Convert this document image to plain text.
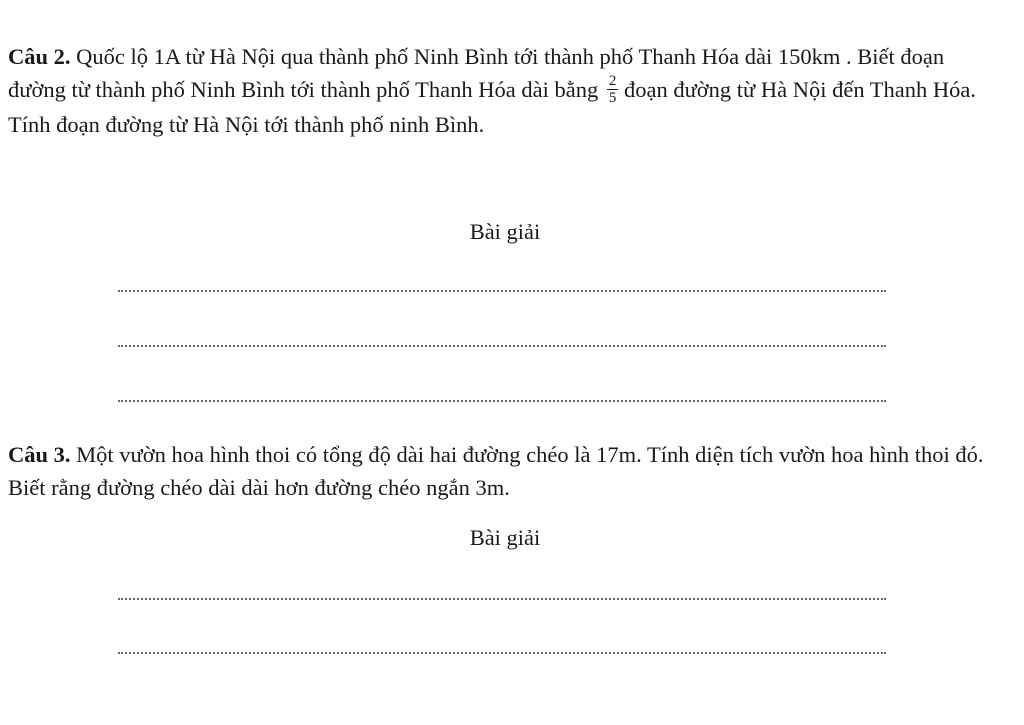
Câu 2. Quốc lộ 1A từ Hà Nội qua thành phố Ninh Bình tới thành phố Thanh Hóa dài 150km . Biết đoạn đường từ thành phố Ninh Bình tới thành phố Thanh Hóa dài bằng $\frac{2}{5}$ đoạn đường từ Hà Nội đến Thanh Hóa. Tính đoạn đường từ Hà Nội tới thành phố ninh Bình.
Bài giải
Câu 3. Một vườn hoa hình thoi có tổng độ dài hai đường chéo là 17m. Tính diện tích vườn hoa hình thoi đó. Biết rằng đường chéo dài dài hơn đường chéo ngắn 3m.
Bài giải
